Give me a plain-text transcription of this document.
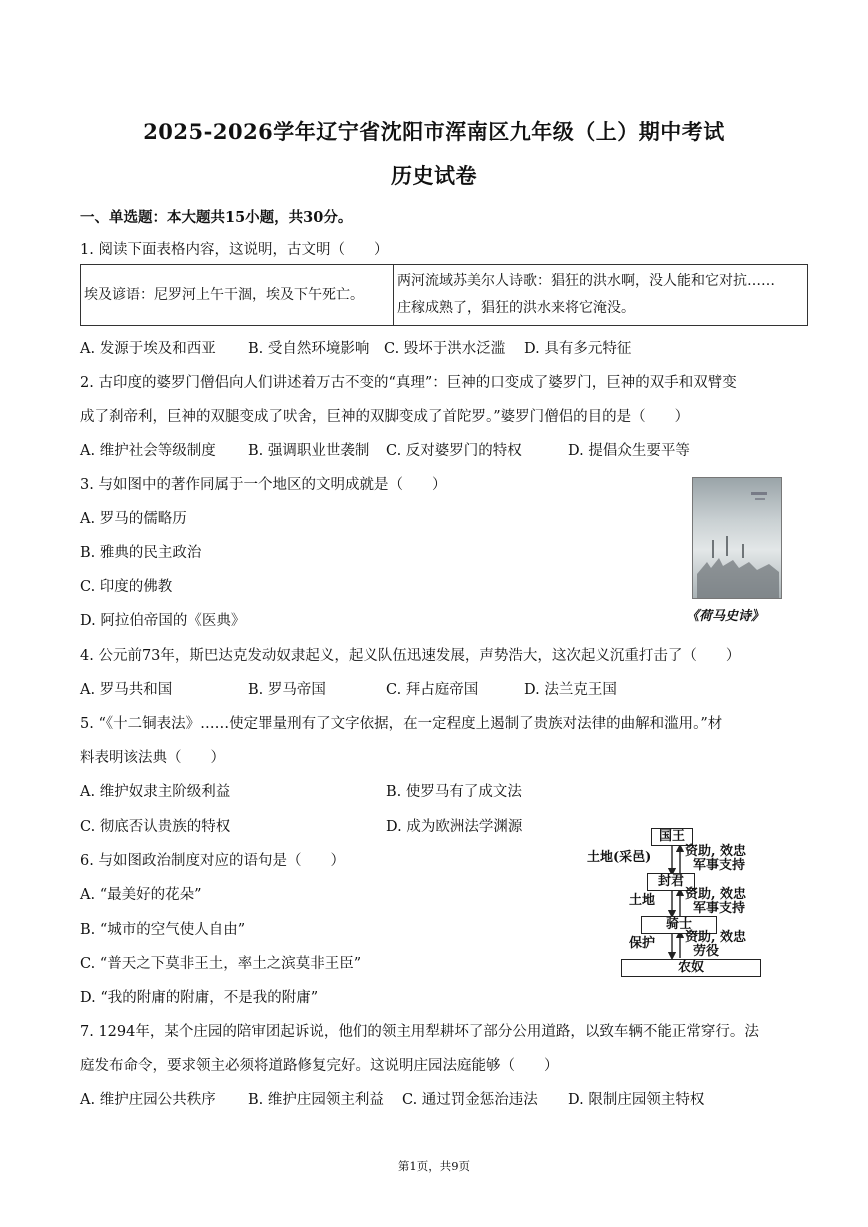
2025-2026学年辽宁省沈阳市浑南区九年级（上）期中考试
历史试卷
一、单选题：本大题共15小题，共30分。
1. 阅读下面表格内容，这说明，古文明（　　）
埃及谚语：尼罗河上午干涸，埃及下午死亡。	
两河流域苏美尔人诗歌：猖狂的洪水啊，没人能和它对抗……
庄稼成熟了，猖狂的洪水来将它淹没。
A. 发源于埃及和西亚 B. 受自然环境影响 C. 毁坏于洪水泛滥 D. 具有多元特征
2. 古印度的婆罗门僧侣向人们讲述着万古不变的“真理”：巨神的口变成了婆罗门，巨神的双手和双臂变
成了刹帝利，巨神的双腿变成了吠舍，巨神的双脚变成了首陀罗。”婆罗门僧侣的目的是（　　）
A. 维护社会等级制度 B. 强调职业世袭制 C. 反对婆罗门的特权	D. 提倡众生要平等
3. 与如图中的著作同属于一个地区的文明成就是（　　）
A. 罗马的儒略历
B. 雅典的民主政治
C. 印度的佛教
D. 阿拉伯帝国的《医典》	《荷马史诗》
4. 公元前73年，斯巴达克发动奴隶起义，起义队伍迅速发展，声势浩大，这次起义沉重打击了（　　）
A. 罗马共和国	B. 罗马帝国	C. 拜占庭帝国	D. 法兰克王国
5. “《十二铜表法》……使定罪量刑有了文字依据，在一定程度上遏制了贵族对法律的曲解和滥用。”材
料表明该法典（　　）
A. 维护奴隶主阶级利益	B. 使罗马有了成文法
C. 彻底否认贵族的特权	D. 成为欧洲法学渊源
6. 与如图政治制度对应的语句是（　　）
A. “最美好的花朵”
B. “城市的空气使人自由”
C. “普天之下莫非王土，率土之滨莫非王臣”
D. “我的附庸的附庸，不是我的附庸”
国王
封君
骑士
农奴
土地(采邑)
土地
保护
资助, 效忠
军事支持
资助, 效忠
军事支持
资助, 效忠
劳役
7. 1294年，某个庄园的陪审团起诉说，他们的领主用犁耕坏了部分公用道路，以致车辆不能正常穿行。法
庭发布命令，要求领主必须将道路修复完好。这说明庄园法庭能够（　　）
A. 维护庄园公共秩序 B. 维护庄园领主利益 C. 通过罚金惩治违法 D. 限制庄园领主特权
第1页，共9页
